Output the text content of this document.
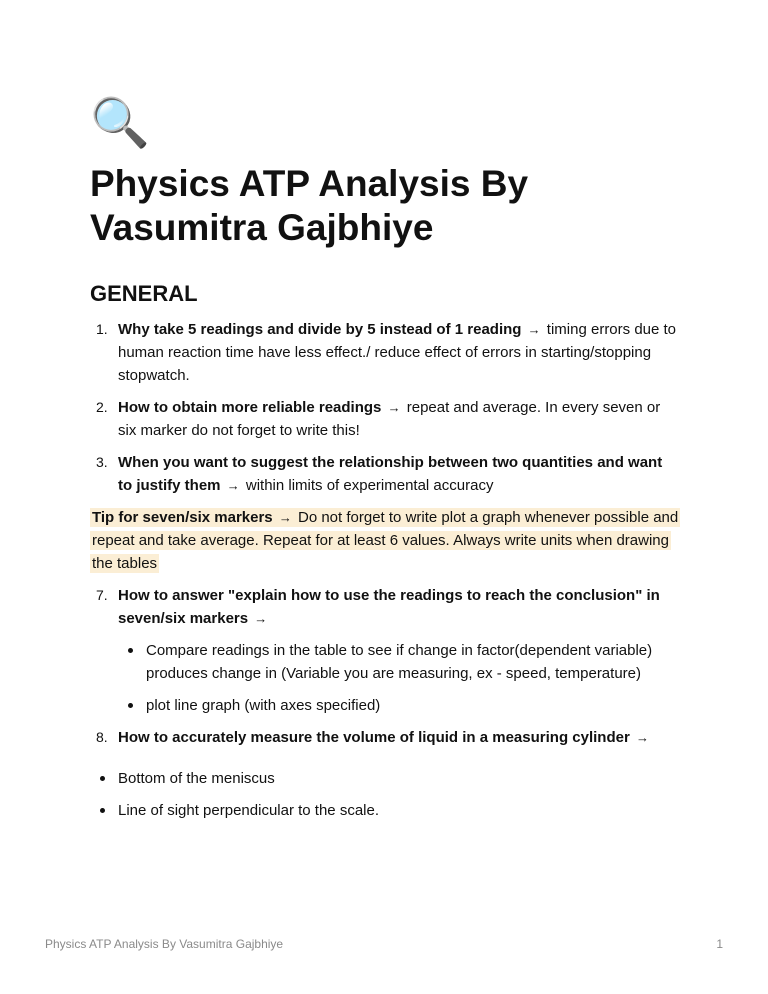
🔍
Physics ATP Analysis By Vasumitra Gajbhiye
GENERAL
1. Why take 5 readings and divide by 5 instead of 1 reading → timing errors due to human reaction time have less effect./ reduce effect of errors in starting/stopping stopwatch.
2. How to obtain more reliable readings → repeat and average. In every seven or six marker do not forget to write this!
3. When you want to suggest the relationship between two quantities and want to justify them → within limits of experimental accuracy

Tip for seven/six markers → Do not forget to write plot a graph whenever possible and repeat and take average. Repeat for at least 6 values. Always write units when drawing the tables

7. How to answer "explain how to use the readings to reach the conclusion" in seven/six markers →
Compare readings in the table to see if change in factor(dependent variable) produces change in (Variable you are measuring, ex - speed, temperature)
plot line graph (with axes specified)
8. How to accurately measure the volume of liquid in a measuring cylinder →
Bottom of the meniscus
Line of sight perpendicular to the scale.
Physics ATP Analysis By Vasumitra Gajbhiye	1
